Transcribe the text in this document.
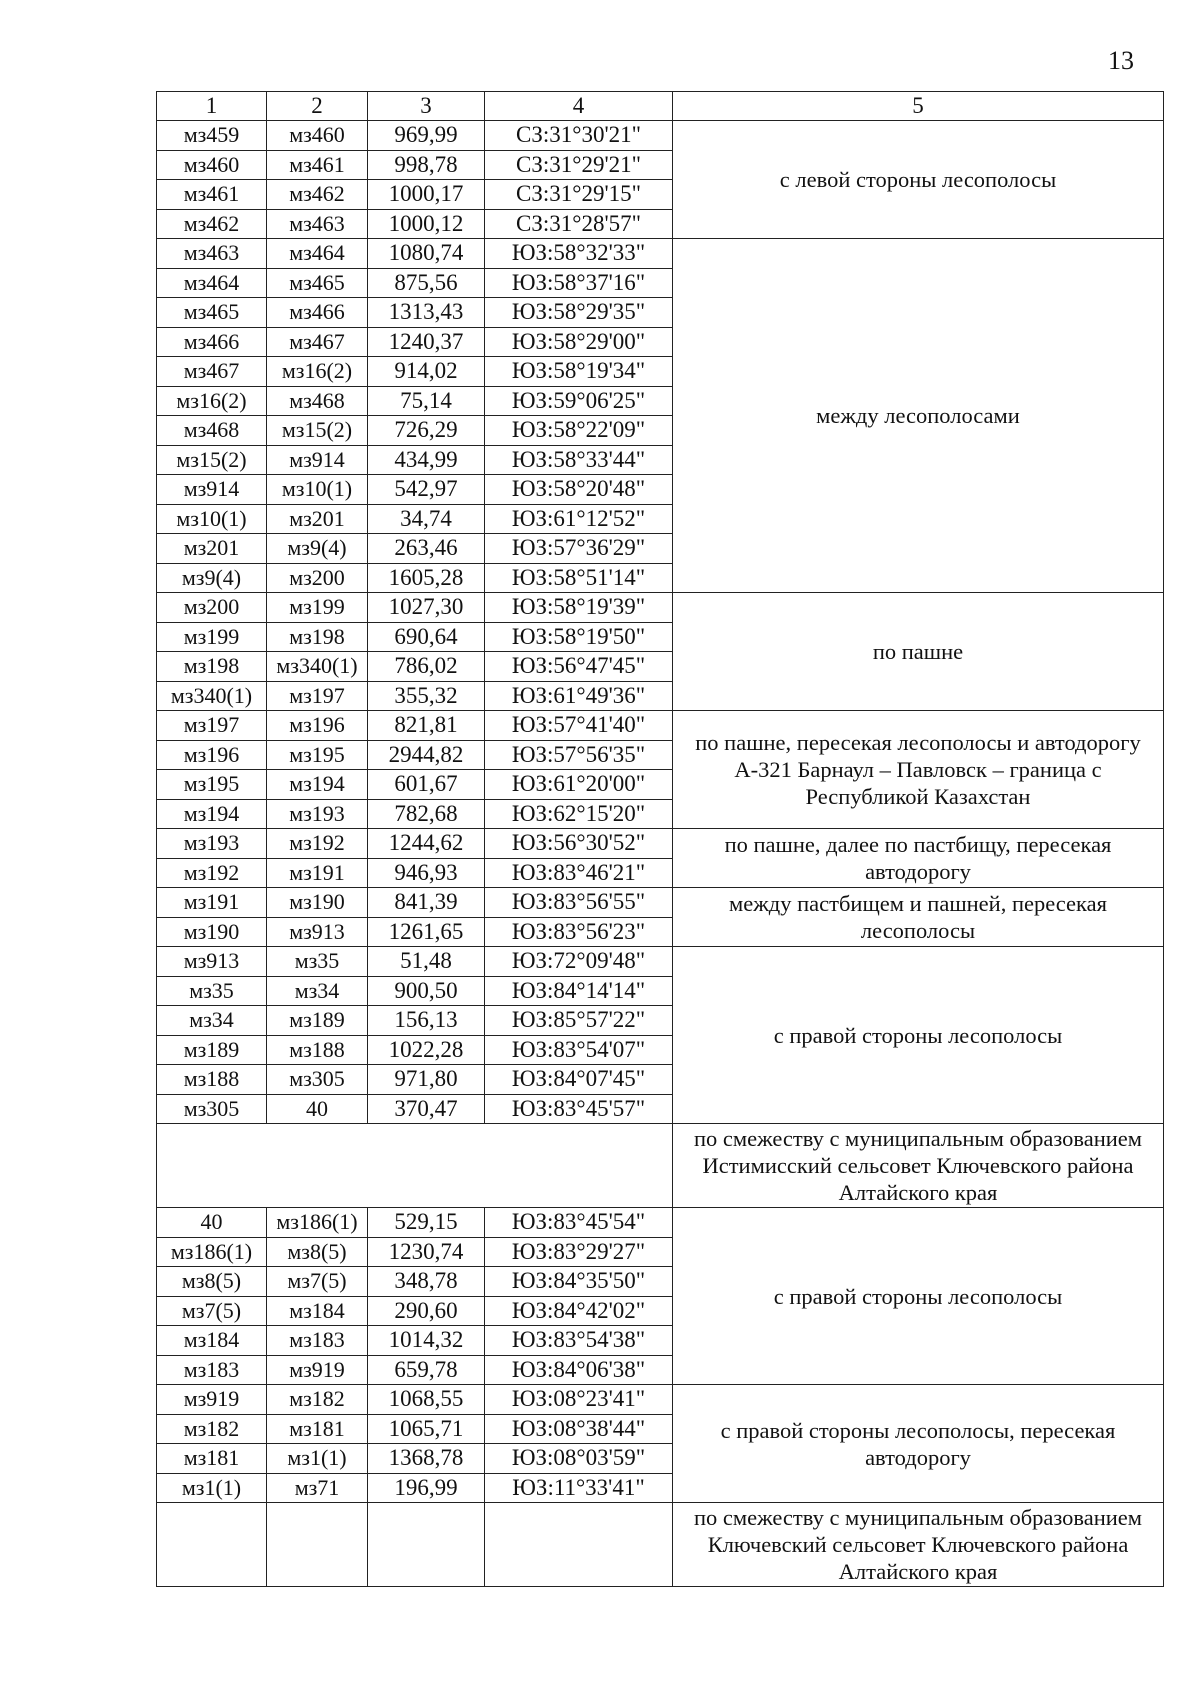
13
1	2	3	4	5
мз459	мз460	969,99	СЗ:31°30'21"	с левой стороны лесополосы
мз460	мз461	998,78	СЗ:31°29'21"	
мз461	мз462	1000,17	СЗ:31°29'15"	
мз462	мз463	1000,12	СЗ:31°28'57"	
мз463	мз464	1080,74	ЮЗ:58°32'33"	между лесополосами
мз464	мз465	875,56	ЮЗ:58°37'16"	
мз465	мз466	1313,43	ЮЗ:58°29'35"	
мз466	мз467	1240,37	ЮЗ:58°29'00"	
мз467	мз16(2)	914,02	ЮЗ:58°19'34"	
мз16(2)	мз468	75,14	ЮЗ:59°06'25"	
мз468	мз15(2)	726,29	ЮЗ:58°22'09"	
мз15(2)	мз914	434,99	ЮЗ:58°33'44"	
мз914	мз10(1)	542,97	ЮЗ:58°20'48"	
мз10(1)	мз201	34,74	ЮЗ:61°12'52"	
мз201	мз9(4)	263,46	ЮЗ:57°36'29"	
мз9(4)	мз200	1605,28	ЮЗ:58°51'14"	
мз200	мз199	1027,30	ЮЗ:58°19'39"	по пашне
мз199	мз198	690,64	ЮЗ:58°19'50"	
мз198	мз340(1)	786,02	ЮЗ:56°47'45"	
мз340(1)	мз197	355,32	ЮЗ:61°49'36"	
мз197	мз196	821,81	ЮЗ:57°41'40"	по пашне, пересекая лесополосы и автодорогу А-321 Барнаул – Павловск – граница с Республикой Казахстан
мз196	мз195	2944,82	ЮЗ:57°56'35"	
мз195	мз194	601,67	ЮЗ:61°20'00"	
мз194	мз193	782,68	ЮЗ:62°15'20"	
мз193	мз192	1244,62	ЮЗ:56°30'52"	по пашне, далее по пастбищу, пересекая автодорогу
мз192	мз191	946,93	ЮЗ:83°46'21"	
мз191	мз190	841,39	ЮЗ:83°56'55"	между пастбищем и пашней, пересекая лесополосы
мз190	мз913	1261,65	ЮЗ:83°56'23"	
мз913	мз35	51,48	ЮЗ:72°09'48"	с правой стороны лесополосы
мз35	мз34	900,50	ЮЗ:84°14'14"	
мз34	мз189	156,13	ЮЗ:85°57'22"	
мз189	мз188	1022,28	ЮЗ:83°54'07"	
мз188	мз305	971,80	ЮЗ:84°07'45"	
мз305	40	370,47	ЮЗ:83°45'57"	
				по смежеству с муниципальным образованием Истимисский сельсовет Ключевского района Алтайского края
40	мз186(1)	529,15	ЮЗ:83°45'54"	с правой стороны лесополосы
мз186(1)	мз8(5)	1230,74	ЮЗ:83°29'27"	
мз8(5)	мз7(5)	348,78	ЮЗ:84°35'50"	
мз7(5)	мз184	290,60	ЮЗ:84°42'02"	
мз184	мз183	1014,32	ЮЗ:83°54'38"	
мз183	мз919	659,78	ЮЗ:84°06'38"	
мз919	мз182	1068,55	ЮЗ:08°23'41"	с правой стороны лесополосы, пересекая автодорогу
мз182	мз181	1065,71	ЮЗ:08°38'44"	
мз181	мз1(1)	1368,78	ЮЗ:08°03'59"	
мз1(1)	мз71	196,99	ЮЗ:11°33'41"	
				по смежеству с муниципальным образованием Ключевский сельсовет Ключевского района Алтайского края
